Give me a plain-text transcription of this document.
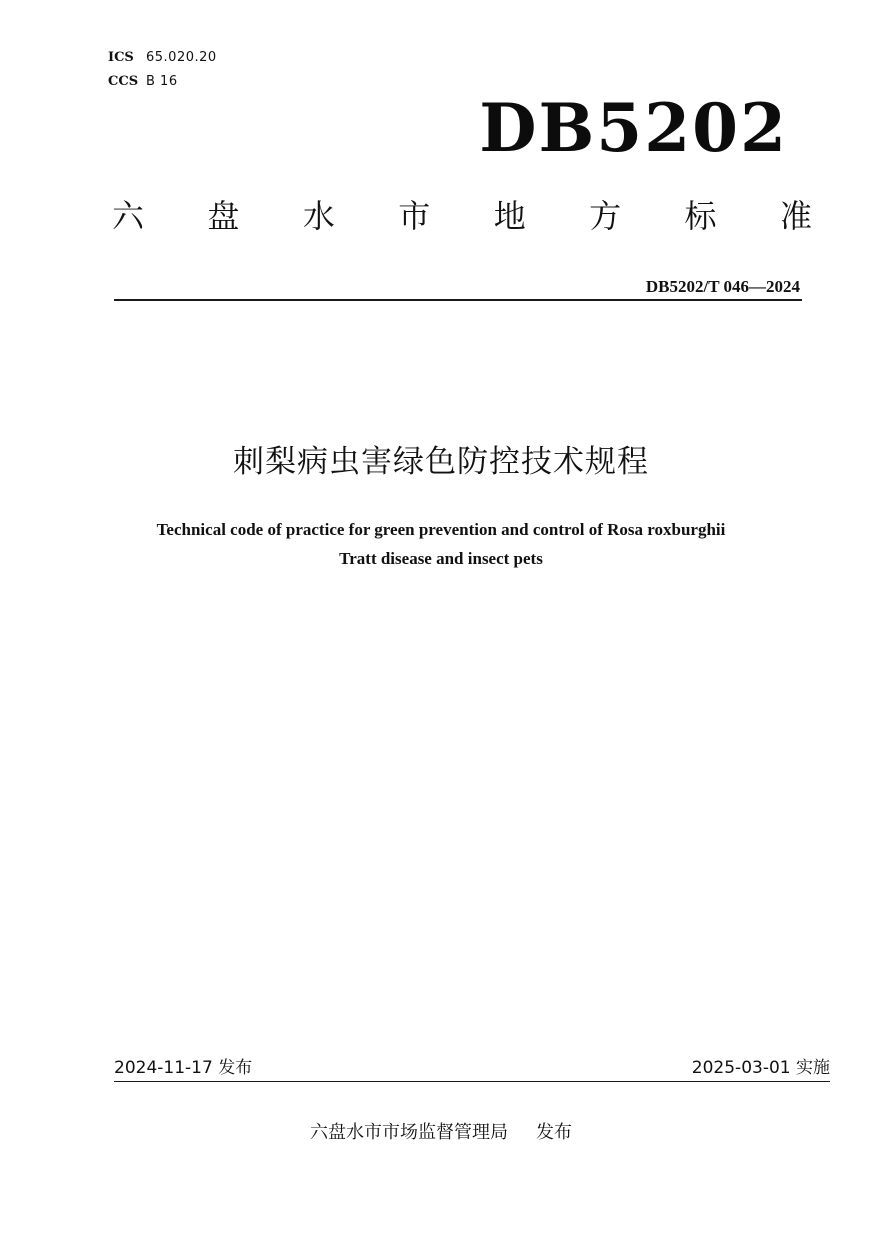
ICS 65.020.20
CCS B 16
DB5202
六 盘 水 市 地 方 标 准
DB5202/T 046—2024
刺梨病虫害绿色防控技术规程
Technical code of practice for green prevention and control of Rosa roxburghii
Tratt disease and insect pets
2024-11-17 发布	2025-03-01 实施
六盘水市市场监督管理局 发布
